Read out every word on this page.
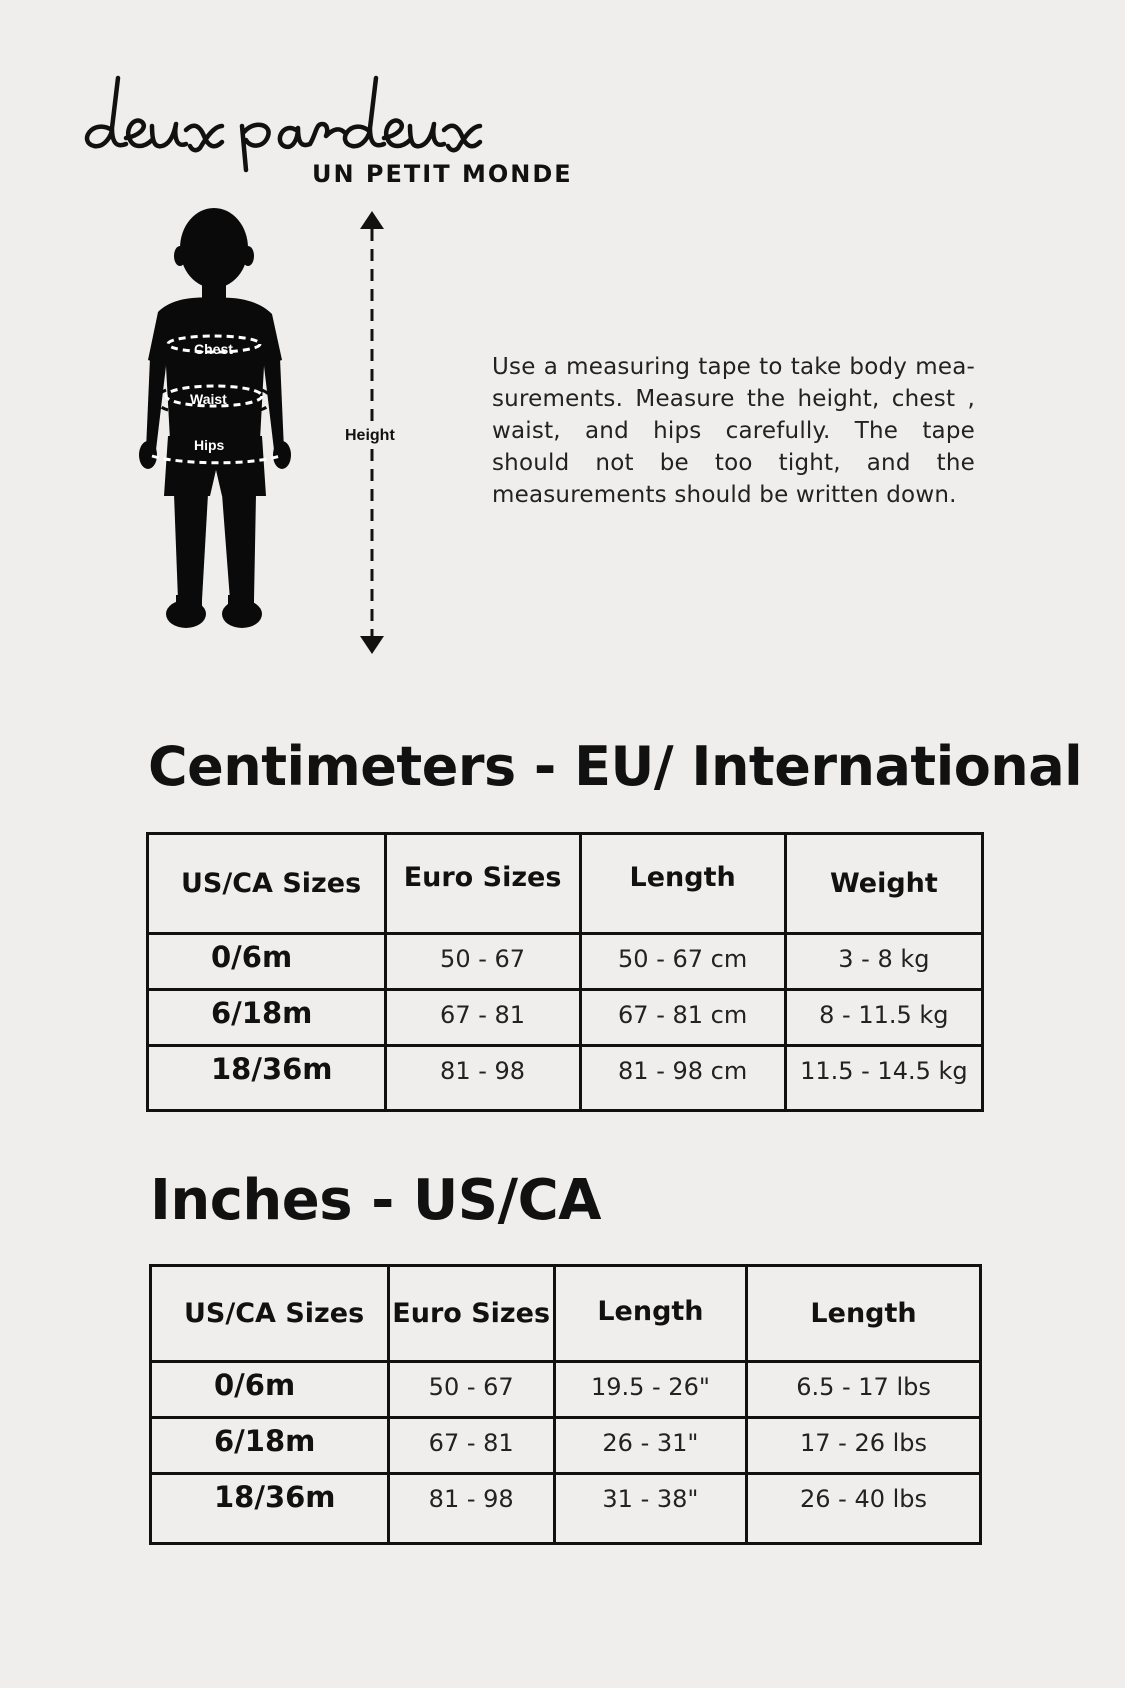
UN PETIT MONDE
Chest
Waist
Hips
Height
Use a measuring tape to take body mea-surements. Measure the height, chest , waist, and hips carefully. The tape should not be too tight, and the measurements should be written down.
Centimeters - EU/ International
US/CA Sizes	Euro Sizes	Length	Weight
0/6m	50 - 67	50 - 67 cm	3 - 8 kg
6/18m	67 - 81	67 - 81 cm	8 - 11.5 kg
18/36m	81 - 98	81 - 98 cm	11.5 - 14.5 kg
Inches - US/CA
US/CA Sizes	Euro Sizes	Length	Length
0/6m	50 - 67	19.5 - 26"	6.5 - 17 lbs
6/18m	67 - 81	26 - 31"	17 - 26 lbs
18/36m	81 - 98	31 - 38"	26 - 40 lbs
